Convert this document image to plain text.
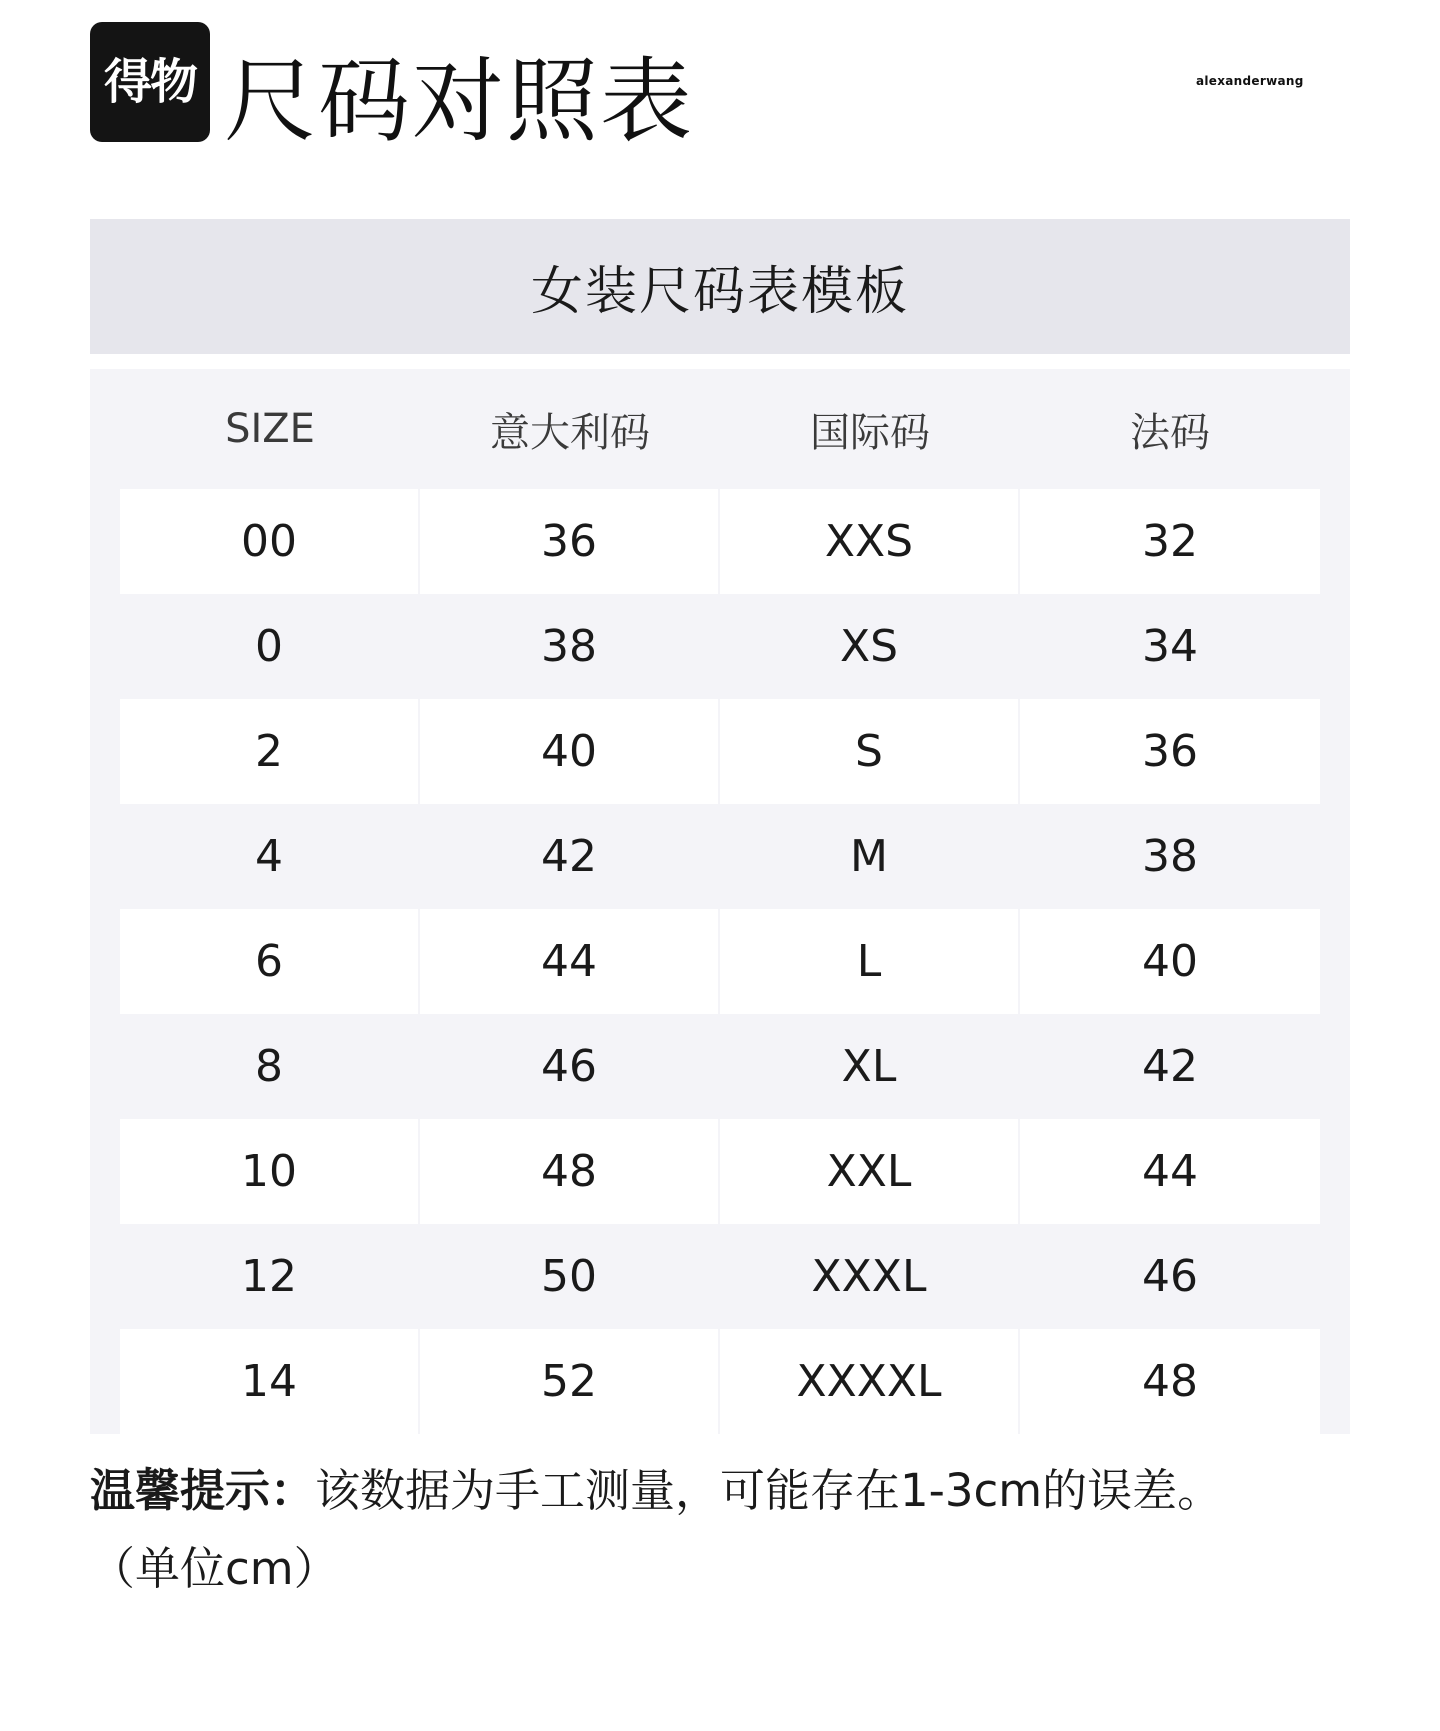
得物 尺码对照表	alexanderwang
女装尺码表模板
SIZE	意大利码	国际码	法码
00	36	XXS	32
0	38	XS	34
2	40	S	36
4	42	M	38
6	44	L	40
8	46	XL	42
10	48	XXL	44
12	50	XXXL	46
14	52	XXXXL	48
温馨提示：该数据为手工测量，可能存在1-3cm的误差。
（单位cm）
